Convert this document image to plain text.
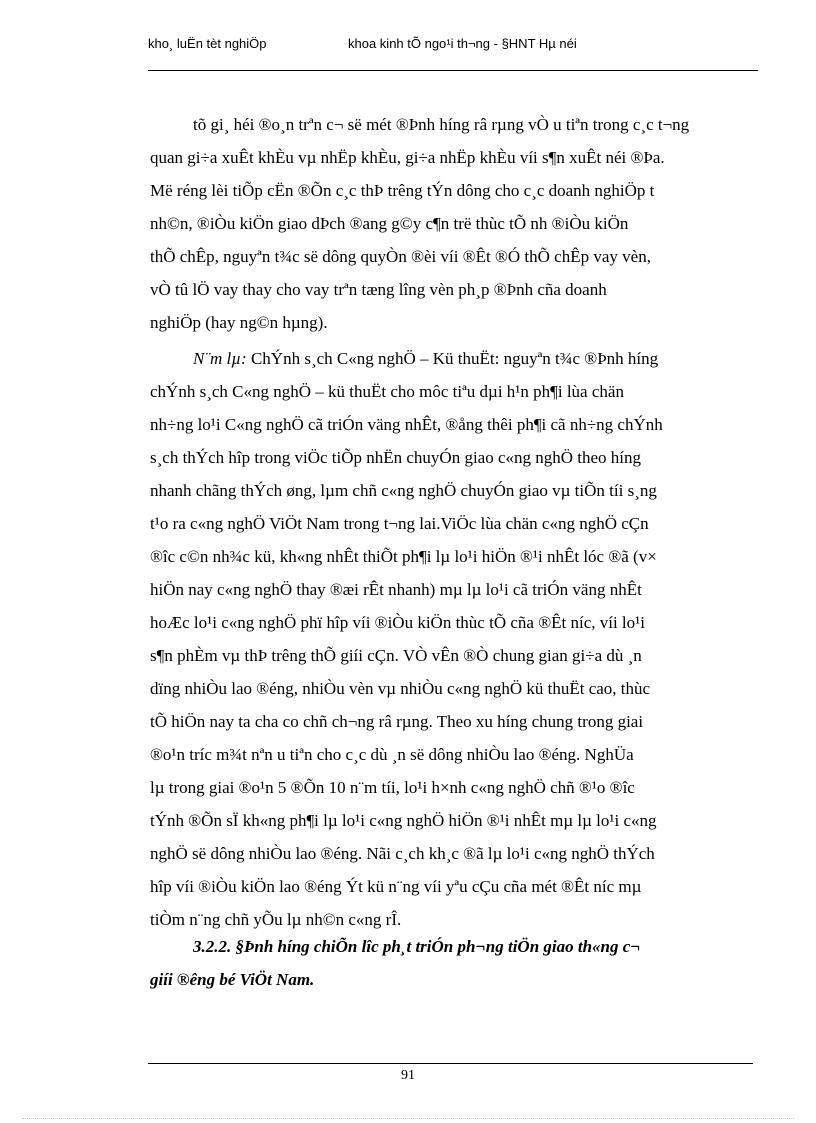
kho¸ luËn tèt nghiÖp	khoa kinh tÕ ngo¹i th¬ng - §HNT Hµ néi
tõ gi¸ héi ®o¸n trªn c¬ së mét ®Þnh híng râ rµng vÒ u tiªn trong c¸c t¬ng
quan gi÷a xuÊt khÈu vµ nhËp khÈu, gi÷a nhËp khÈu víi s¶n xuÊt néi ®Þa.
Më réng lèi tiÕp cËn ®Õn c¸c thÞ trêng tÝn dông cho c¸c doanh nghiÖp t
nh©n, ®iÒu kiÖn giao dÞch ®ang g©y c¶n trë thùc tÕ nh ®iÒu kiÖn
thÕ chÊp, nguyªn t¾c së dông quyÒn ®èi víi ®Êt ®Ó thÕ chÊp vay vèn,
vÒ tû lÖ vay thay cho vay trªn tæng lîng vèn ph¸p ®Þnh cña doanh
nghiÖp (hay ng©n hµng).
N¨m lµ: ChÝnh s¸ch C«ng nghÖ – Kü thuËt: nguyªn t¾c ®Þnh híng
chÝnh s¸ch C«ng nghÖ – kü thuËt cho môc tiªu dµi h¹n ph¶i lùa chän
nh÷ng lo¹i C«ng nghÖ cã triÓn väng nhÊt, ®ång thêi ph¶i cã nh÷ng chÝnh
s¸ch thÝch hîp trong viÖc tiÕp nhËn chuyÓn giao c«ng nghÖ theo híng
nhanh chãng thÝch øng, lµm chñ c«ng nghÖ chuyÓn giao vµ tiÕn tíi s¸ng
t¹o ra c«ng nghÖ ViÖt Nam trong t¬ng lai.ViÖc lùa chän c«ng nghÖ cÇn
®îc c©n nh¾c kü, kh«ng nhÊt thiÕt ph¶i lµ lo¹i hiÖn ®¹i nhÊt lóc ®ã (v×
hiÖn nay c«ng nghÖ thay ®æi rÊt nhanh) mµ lµ lo¹i cã triÓn väng nhÊt
hoÆc lo¹i c«ng nghÖ phï hîp víi ®iÒu kiÖn thùc tÕ cña ®Êt níc, víi lo¹i
s¶n phÈm vµ thÞ trêng thÕ giíi cÇn. VÒ vÊn ®Ò chung gian gi÷a dù ¸n
dïng nhiÒu lao ®éng, nhiÒu vèn vµ nhiÒu c«ng nghÖ kü thuËt cao, thùc
tÕ hiÖn nay ta cha co chñ ch¬ng râ rµng. Theo xu híng chung trong giai
®o¹n tríc m¾t nªn u tiªn cho c¸c dù ¸n së dông nhiÒu lao ®éng. NghÜa
lµ trong giai ®o¹n 5 ®Õn 10 n¨m tíi, lo¹i h×nh c«ng nghÖ chñ ®¹o ®îc
tÝnh ®Õn sÏ kh«ng ph¶i lµ lo¹i c«ng nghÖ hiÖn ®¹i nhÊt mµ lµ lo¹i c«ng
nghÖ së dông nhiÒu lao ®éng. Nãi c¸ch kh¸c ®ã lµ lo¹i c«ng nghÖ thÝch
hîp víi ®iÒu kiÖn lao ®éng Ýt kü n¨ng víi yªu cÇu cña mét ®Êt níc mµ
tiÒm n¨ng chñ yÕu lµ nh©n c«ng rÎ.
3.2.2. §Þnh híng chiÕn lîc ph¸t triÓn ph¬ng tiÖn giao th«ng c¬
giíi ®êng bé ViÖt Nam.
91
